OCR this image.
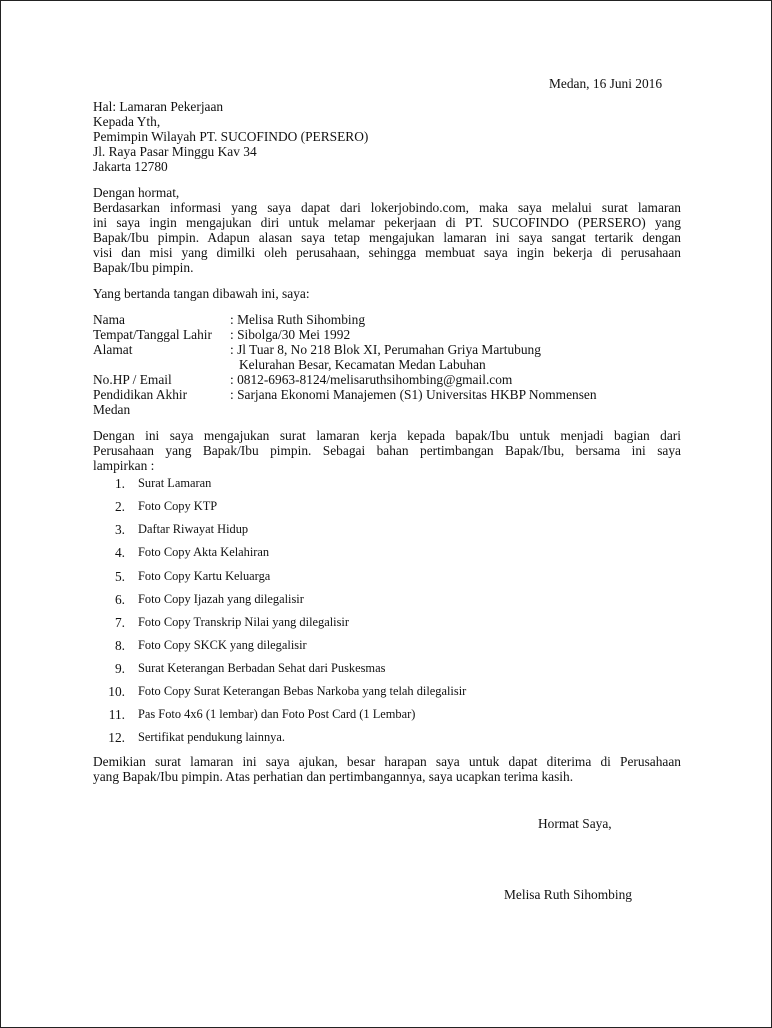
Medan, 16 Juni 2016
Hal: Lamaran Pekerjaan
Kepada Yth,
Pemimpin Wilayah PT. SUCOFINDO (PERSERO)
Jl. Raya Pasar Minggu Kav 34
Jakarta 12780
Dengan hormat,
Berdasarkan informasi yang saya dapat dari lokerjobindo.com, maka saya melalui surat lamaran
ini saya ingin mengajukan diri untuk melamar pekerjaan di PT. SUCOFINDO (PERSERO) yang
Bapak/Ibu pimpin. Adapun alasan saya tetap mengajukan lamaran ini saya sangat tertarik dengan
visi dan misi yang dimilki oleh perusahaan, sehingga membuat saya ingin bekerja di perusahaan
Bapak/Ibu pimpin.
Yang bertanda tangan dibawah ini, saya:
Nama	: Melisa Ruth Sihombing
Tempat/Tanggal Lahir : Sibolga/30 Mei 1992
Alamat	: Jl Tuar 8, No 218 Blok XI, Perumahan Griya Martubung
Kelurahan Besar, Kecamatan Medan Labuhan
No.HP / Email	: 0812-6963-8124/melisaruthsihombing@gmail.com
Pendidikan Akhir	: Sarjana Ekonomi Manajemen (S1) Universitas HKBP Nommensen
Medan
Dengan ini saya mengajukan surat lamaran kerja kepada bapak/Ibu untuk menjadi bagian dari
Perusahaan yang Bapak/Ibu pimpin. Sebagai bahan pertimbangan Bapak/Ibu, bersama ini saya
lampirkan :
1. Surat Lamaran
2. Foto Copy KTP
3. Daftar Riwayat Hidup
4. Foto Copy Akta Kelahiran
5. Foto Copy Kartu Keluarga
6. Foto Copy Ijazah yang dilegalisir
7. Foto Copy Transkrip Nilai yang dilegalisir
8. Foto Copy SKCK yang dilegalisir
9. Surat Keterangan Berbadan Sehat dari Puskesmas
10. Foto Copy Surat Keterangan Bebas Narkoba yang telah dilegalisir
11. Pas Foto 4x6 (1 lembar) dan Foto Post Card (1 Lembar)
12. Sertifikat pendukung lainnya.
Demikian surat lamaran ini saya ajukan, besar harapan saya untuk dapat diterima di Perusahaan
yang Bapak/Ibu pimpin. Atas perhatian dan pertimbangannya, saya ucapkan terima kasih.
Hormat Saya,
Melisa Ruth Sihombing
